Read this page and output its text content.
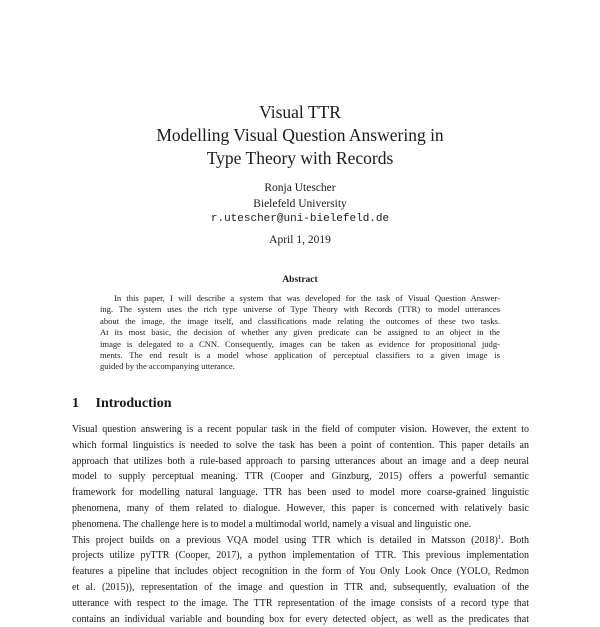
Visual TTR
Modelling Visual Question Answering in
Type Theory with Records
Ronja Utescher
Bielefeld University
r.utescher@uni-bielefeld.de
April 1, 2019
Abstract
In this paper, I will describe a system that was developed for the task of Visual Question Answer-
ing. The system uses the rich type universe of Type Theory with Records (TTR) to model utterances
about the image, the image itself, and classifications made relating the outcomes of these two tasks.
At its most basic, the decision of whether any given predicate can be assigned to an object in the
image is delegated to a CNN. Consequently, images can be taken as evidence for propositional judg-
ments. The end result is a model whose application of perceptual classifiers to a given image is
guided by the accompanying utterance.
1 Introduction
Visual question answering is a recent popular task in the field of computer vision. However, the extent to
which formal linguistics is needed to solve the task has been a point of contention. This paper details an
approach that utilizes both a rule-based approach to parsing utterances about an image and a deep neural
model to supply perceptual meaning. TTR (Cooper and Ginzburg, 2015) offers a powerful semantic
framework for modelling natural language. TTR has been used to model more coarse-grained linguistic
phenomena, many of them related to dialogue. However, this paper is concerned with relatively basic
phenomena. The challenge here is to model a multimodal world, namely a visual and linguistic one.
This project builds on a previous VQA model using TTR which is detailed in Matsson $(2018)^1$. Both
projects utilize pyTTR (Cooper, 2017), a python implementation of TTR. This previous implementation
features a pipeline that includes object recognition in the form of You Only Look Once (YOLO, Redmon
et al. (2015)), representation of the image and question in TTR and, subsequently, evaluation of the
utterance with respect to the image. The TTR representation of the image consists of a record type that
contains an individual variable and bounding box for every detected object, as well as the predicates that
